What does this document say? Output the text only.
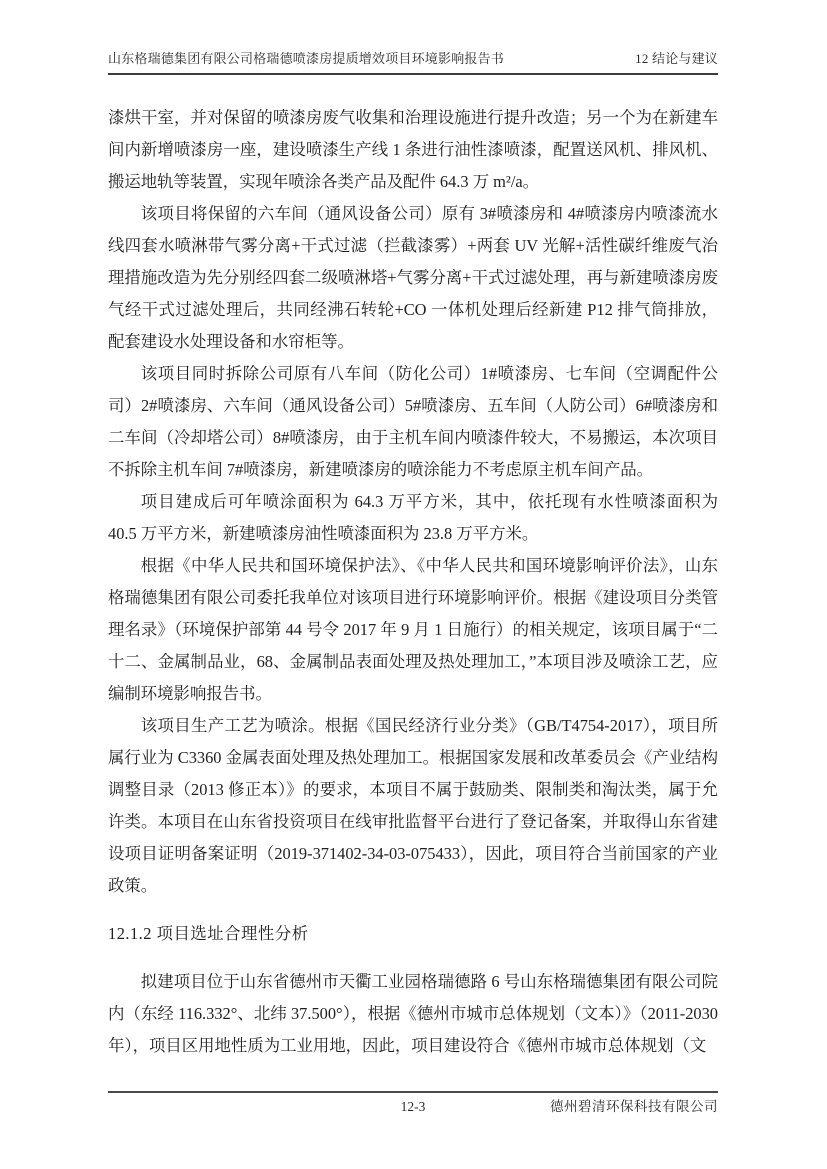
山东格瑞德集团有限公司格瑞德喷漆房提质增效项目环境影响报告书	12 结论与建议

漆烘干室，并对保留的喷漆房废气收集和治理设施进行提升改造；另一个为在新建车间内新增喷漆房一座，建设喷漆生产线 1 条进行油性漆喷漆，配置送风机、排风机、搬运地轨等装置，实现年喷涂各类产品及配件 64.3 万 m²/a。

该项目将保留的六车间（通风设备公司）原有 3#喷漆房和 4#喷漆房内喷漆流水线四套水喷淋带气雾分离+干式过滤（拦截漆雾）+两套 UV 光解+活性碳纤维废气治理措施改造为先分别经四套二级喷淋塔+气雾分离+干式过滤处理，再与新建喷漆房废气经干式过滤处理后，共同经沸石转轮+CO 一体机处理后经新建 P12 排气筒排放，配套建设水处理设备和水帘柜等。

该项目同时拆除公司原有八车间（防化公司）1#喷漆房、七车间（空调配件公司）2#喷漆房、六车间（通风设备公司）5#喷漆房、五车间（人防公司）6#喷漆房和二车间（冷却塔公司）8#喷漆房，由于主机车间内喷漆件较大，不易搬运，本次项目不拆除主机车间 7#喷漆房，新建喷漆房的喷涂能力不考虑原主机车间产品。

项目建成后可年喷涂面积为 64.3 万平方米，其中，依托现有水性喷漆面积为 40.5 万平方米，新建喷漆房油性喷漆面积为 23.8 万平方米。

根据《中华人民共和国环境保护法》、《中华人民共和国环境影响评价法》，山东格瑞德集团有限公司委托我单位对该项目进行环境影响评价。根据《建设项目分类管理名录》（环境保护部第 44 号令 2017 年 9 月 1 日施行）的相关规定，该项目属于“二十二、金属制品业，68、金属制品表面处理及热处理加工，”本项目涉及喷涂工艺，应编制环境影响报告书。

该项目生产工艺为喷涂。根据《国民经济行业分类》（GB/T4754-2017），项目所属行业为 C3360 金属表面处理及热处理加工。根据国家发展和改革委员会《产业结构调整目录（2013 修正本）》的要求，本项目不属于鼓励类、限制类和淘汰类，属于允许类。本项目在山东省投资项目在线审批监督平台进行了登记备案，并取得山东省建设项目证明备案证明（2019-371402-34-03-075433），因此，项目符合当前国家的产业政策。

12.1.2 项目选址合理性分析

拟建项目位于山东省德州市天衢工业园格瑞德路 6 号山东格瑞德集团有限公司院内（东经 116.332°、北纬 37.500°），根据《德州市城市总体规划（文本）》（2011-2030 年），项目区用地性质为工业用地，因此，项目建设符合《德州市城市总体规划（文

12-3	德州碧清环保科技有限公司
